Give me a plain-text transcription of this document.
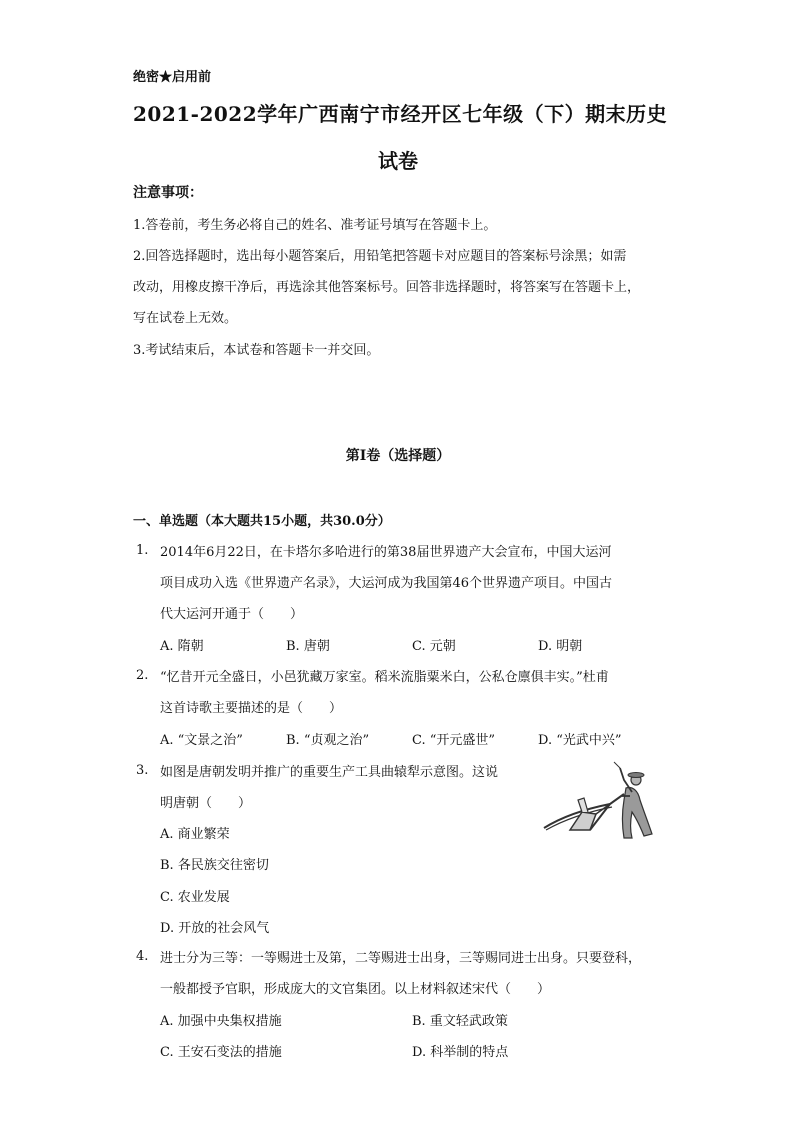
绝密★启用前
2021-2022学年广西南宁市经开区七年级（下）期末历史
试卷
注意事项：
1.答卷前，考生务必将自己的姓名、准考证号填写在答题卡上。
2.回答选择题时，选出每小题答案后，用铅笔把答题卡对应题目的答案标号涂黑；如需
改动，用橡皮擦干净后，再选涂其他答案标号。回答非选择题时，将答案写在答题卡上，
写在试卷上无效。
3.考试结束后，本试卷和答题卡一并交回。
第I卷（选择题）
一、单选题（本大题共15小题，共30.0分）
1. 2014年6月22日，在卡塔尔多哈进行的第38届世界遗产大会宣布，中国大运河
项目成功入选《世界遗产名录》，大运河成为我国第46个世界遗产项目。中国古
代大运河开通于（　　）
A. 隋朝	B. 唐朝	C. 元朝	D. 明朝
2. “忆昔开元全盛日，小邑犹藏万家室。稻米流脂粟米白，公私仓廪俱丰实。”杜甫
这首诗歌主要描述的是（　　）
A. “文景之治”	B. “贞观之治”	C. “开元盛世”	D. “光武中兴”
3. 如图是唐朝发明并推广的重要生产工具曲辕犁示意图。这说
明唐朝（　　）
A. 商业繁荣
B. 各民族交往密切
C. 农业发展
D. 开放的社会风气
4. 进士分为三等：一等赐进士及第，二等赐进士出身，三等赐同进士出身。只要登科，
一般都授予官职，形成庞大的文官集团。以上材料叙述宋代（　　）
A. 加强中央集权措施	B. 重文轻武政策
C. 王安石变法的措施	D. 科举制的特点
